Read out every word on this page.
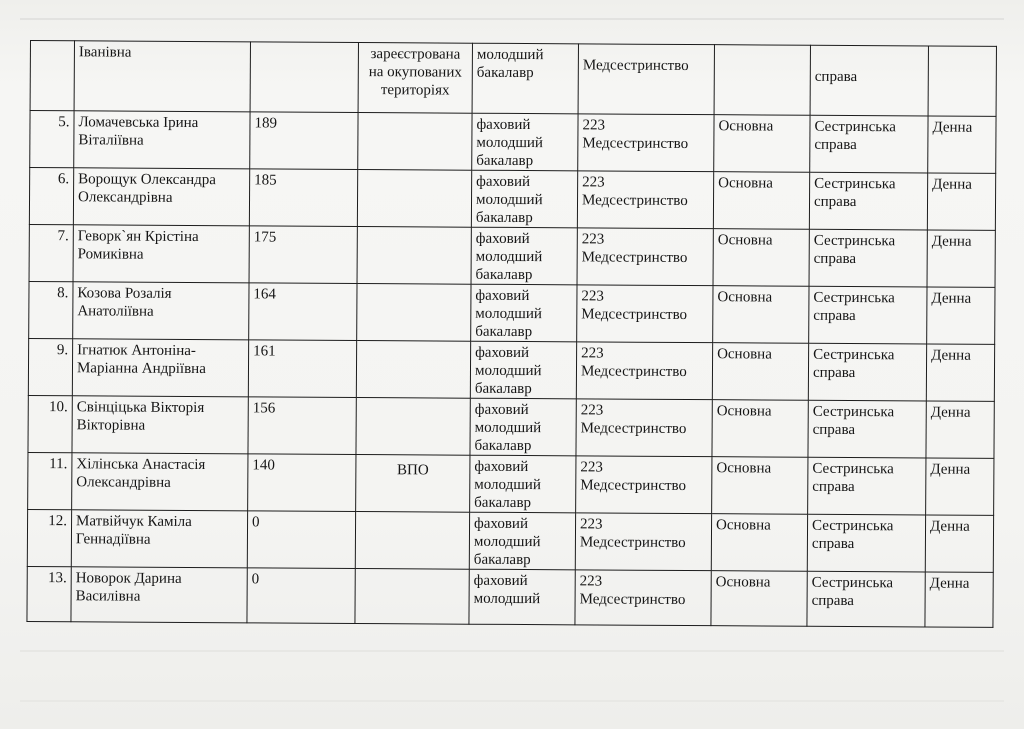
	Іванівна		зареєстрована на окупованих територіях	молодший бакалавр	Медсестринство		справа	
5.	Ломачевська Ірина Віталіївна	189		фаховий молодший бакалавр	223 Медсестринство	Основна	Сестринська справа	Денна
6.	Ворощук Олександра Олександрівна	185		фаховий молодший бакалавр	223 Медсестринство	Основна	Сестринська справа	Денна
7.	Геворк`ян Крістіна Ромиківна	175		фаховий молодший бакалавр	223 Медсестринство	Основна	Сестринська справа	Денна
8.	Козова Розалія Анатоліївна	164		фаховий молодший бакалавр	223 Медсестринство	Основна	Сестринська справа	Денна
9.	Ігнатюк Антоніна-Маріанна Андріївна	161		фаховий молодший бакалавр	223 Медсестринство	Основна	Сестринська справа	Денна
10.	Свінціцька Вікторія Вікторівна	156		фаховий молодший бакалавр	223 Медсестринство	Основна	Сестринська справа	Денна
11.	Хілінська Анастасія Олександрівна	140	ВПО	фаховий молодший бакалавр	223 Медсестринство	Основна	Сестринська справа	Денна
12.	Матвійчук Каміла Геннадіївна	0		фаховий молодший бакалавр	223 Медсестринство	Основна	Сестринська справа	Денна
13.	Новорок Дарина Василівна	0		фаховий молодший	223 Медсестринство	Основна	Сестринська справа	Денна
